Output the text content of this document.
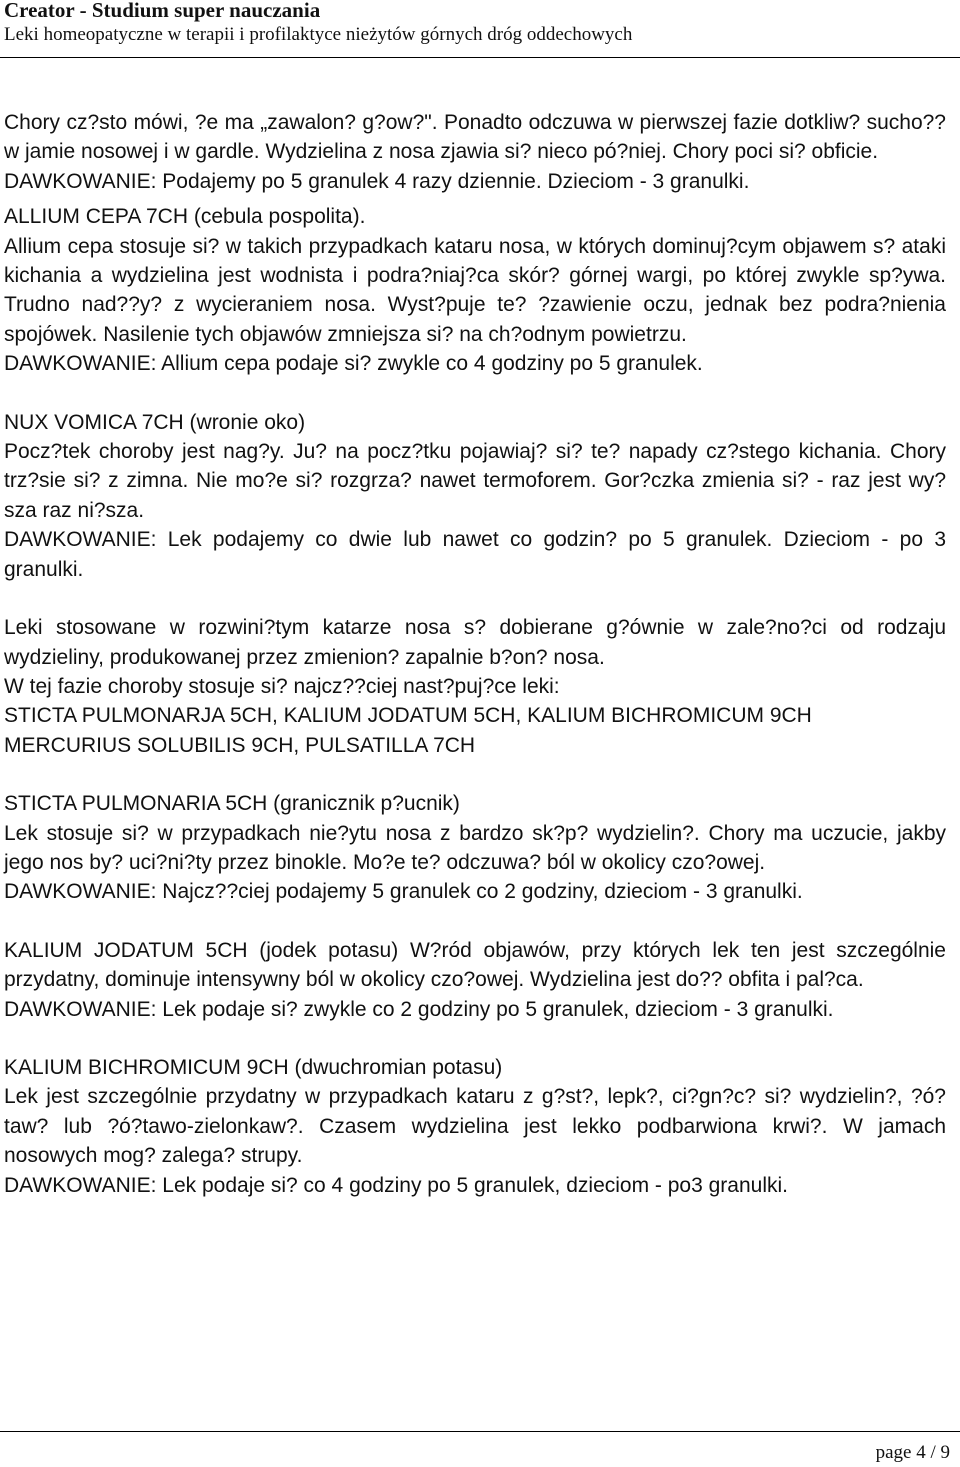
Creator - Studium super nauczania
Leki homeopatyczne w terapii i profilaktyce nieżytów górnych dróg oddechowych

Chory cz?sto mówi, ?e ma „zawalon? g?ow?". Ponadto odczuwa w pierwszej fazie dotkliw? sucho?? w jamie nosowej i w gardle. Wydzielina z nosa zjawia si? nieco pó?niej. Chory poci si? obficie.

DAWKOWANIE: Podajemy po 5 granulek 4 razy dziennie. Dzieciom - 3 granulki.

ALLIUM CEPA 7CH (cebula pospolita).

Allium cepa stosuje si? w takich przypadkach kataru nosa, w których dominuj?cym objawem s? ataki kichania a wydzielina jest wodnista i podra?niaj?ca skór? górnej wargi, po której zwykle sp?ywa. Trudno nad??y? z wycieraniem nosa. Wyst?puje te? ?zawienie oczu, jednak bez podra?nienia spojówek. Nasilenie tych objawów zmniejsza si? na ch?odnym powietrzu.

DAWKOWANIE: Allium cepa podaje si? zwykle co 4 godziny po 5 granulek.

NUX VOMICA 7CH (wronie oko)

Pocz?tek choroby jest nag?y. Ju? na pocz?tku pojawiaj? si? te? napady cz?stego kichania. Chory trz?sie si? z zimna. Nie mo?e si? rozgrza? nawet termoforem. Gor?czka zmienia si? - raz jest wy?sza raz ni?sza.

DAWKOWANIE: Lek podajemy co dwie lub nawet co godzin? po 5 granulek. Dzieciom - po 3 granulki.

Leki stosowane w rozwini?tym katarze nosa s? dobierane g?ównie w zale?no?ci od rodzaju wydzieliny, produkowanej przez zmienion? zapalnie b?on? nosa.

W tej fazie choroby stosuje si? najcz??ciej nast?puj?ce leki:

STICTA PULMONARJA 5CH, KALIUM JODATUM 5CH, KALIUM BICHROMICUM 9CH

MERCURIUS SOLUBILIS 9CH, PULSATILLA 7CH

STICTA PULMONARIA 5CH (granicznik p?ucnik)

Lek stosuje si? w przypadkach nie?ytu nosa z bardzo sk?p? wydzielin?. Chory ma uczucie, jakby jego nos by? uci?ni?ty przez binokle. Mo?e te? odczuwa? ból w okolicy czo?owej.

DAWKOWANIE: Najcz??ciej podajemy 5 granulek co 2 godziny, dzieciom - 3 granulki.

KALIUM JODATUM 5CH (jodek potasu) W?ród objawów, przy których lek ten jest szczególnie przydatny, dominuje intensywny ból w okolicy czo?owej. Wydzielina jest do?? obfita i pal?ca.

DAWKOWANIE: Lek podaje si? zwykle co 2 godziny po 5 granulek, dzieciom - 3 granulki.

KALIUM BICHROMICUM 9CH (dwuchromian potasu)

Lek jest szczególnie przydatny w przypadkach kataru z g?st?, lepk?, ci?gn?c? si? wydzielin?, ?ó?taw? lub ?ó?tawo-zielonkaw?. Czasem wydzielina jest lekko podbarwiona krwi?. W jamach nosowych mog? zalega? strupy.

DAWKOWANIE: Lek podaje si? co 4 godziny po 5 granulek, dzieciom - po3 granulki.

page 4 / 9
